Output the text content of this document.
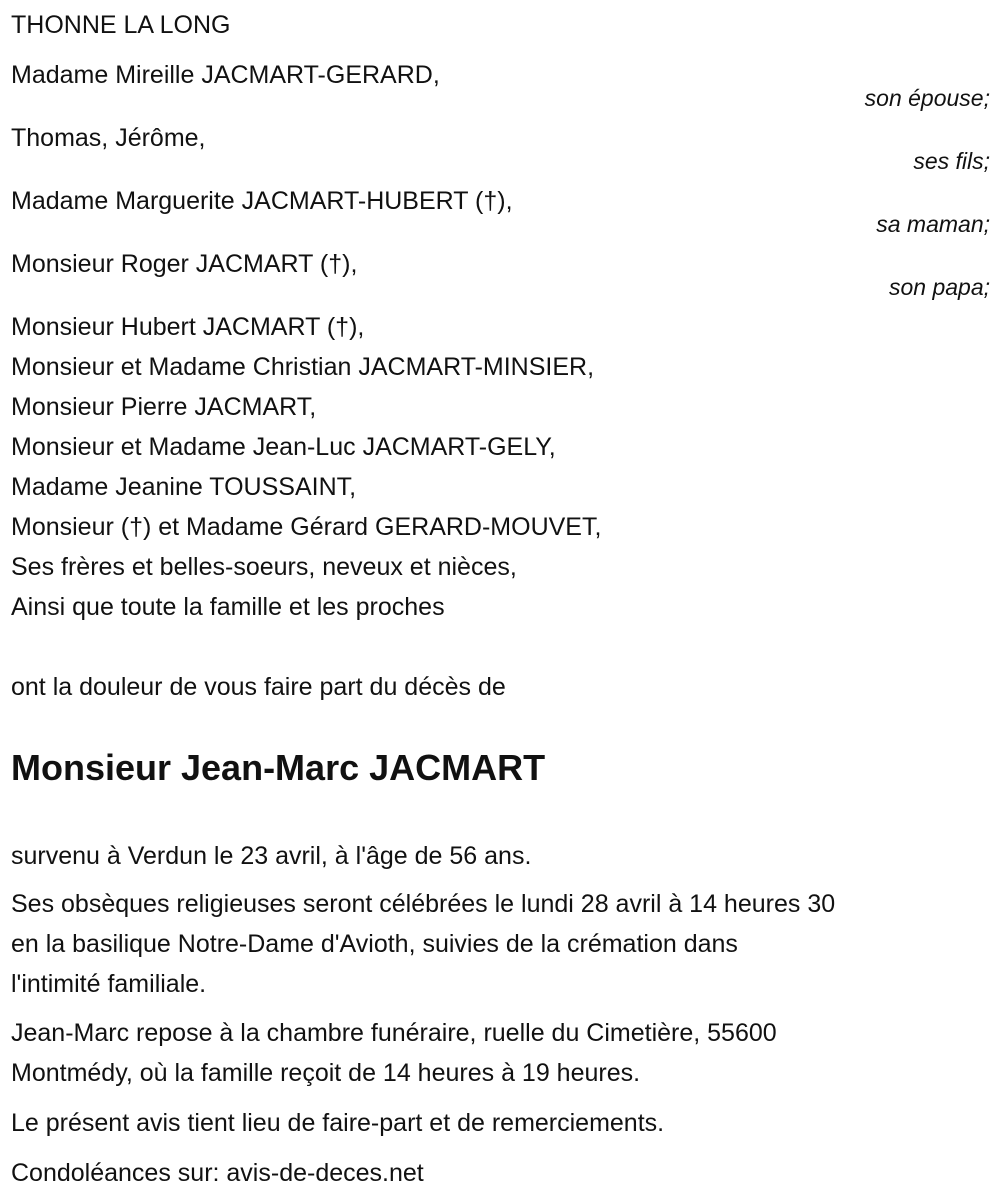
THONNE LA LONG
Madame Mireille JACMART-GERARD,
son épouse;
Thomas, Jérôme,
ses fils;
Madame Marguerite JACMART-HUBERT (†),
sa maman;
Monsieur Roger JACMART (†),
son papa;
Monsieur Hubert JACMART (†),
Monsieur et Madame Christian JACMART-MINSIER,
Monsieur Pierre JACMART,
Monsieur et Madame Jean-Luc JACMART-GELY,
Madame Jeanine TOUSSAINT,
Monsieur (†) et Madame Gérard GERARD-MOUVET,
Ses frères et belles-soeurs, neveux et nièces,
Ainsi que toute la famille et les proches
ont la douleur de vous faire part du décès de
Monsieur Jean-Marc JACMART
survenu à Verdun le 23 avril, à l'âge de 56 ans.
Ses obsèques religieuses seront célébrées le lundi 28 avril à 14 heures 30
en la basilique Notre-Dame d'Avioth, suivies de la crémation dans
l'intimité familiale.
Jean-Marc repose à la chambre funéraire, ruelle du Cimetière, 55600
Montmédy, où la famille reçoit de 14 heures à 19 heures.
Le présent avis tient lieu de faire-part et de remerciements.
Condoléances sur: avis-de-deces.net
